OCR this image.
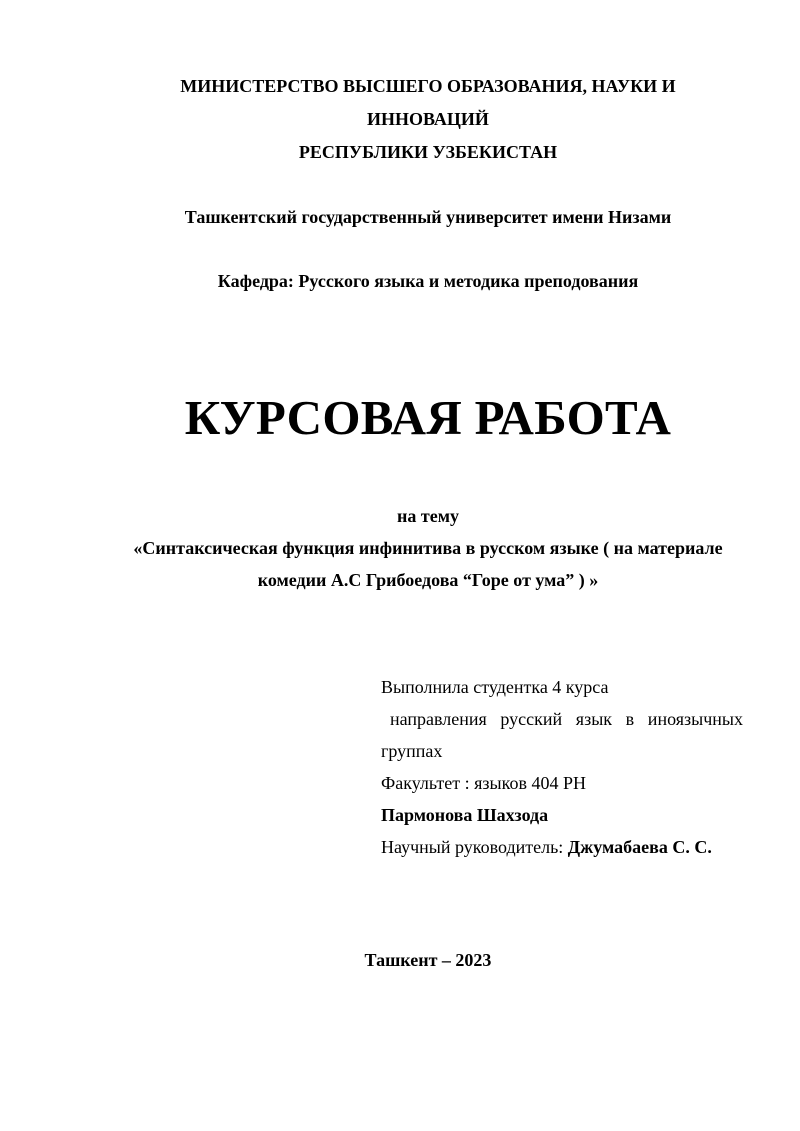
МИНИСТЕРСТВО ВЫСШЕГО ОБРАЗОВАНИЯ, НАУКИ И
ИННОВАЦИЙ
РЕСПУБЛИКИ УЗБЕКИСТАН
Ташкентский государственный университет имени Низами
Кафедра: Русского языка и методика преподования
КУРСОВАЯ РАБОТА
на тему
«Синтаксическая функция инфинитива в русском языке ( на материале
комедии А.С Грибоедова “Горе от ума” ) »
Выполнила студентка 4 курса
направления русский язык в иноязычных
группах
Факультет : языков 404 РН
Пармонова Шахзода
Научный руководитель: Джумабаева С. С.
Ташкент – 2023
